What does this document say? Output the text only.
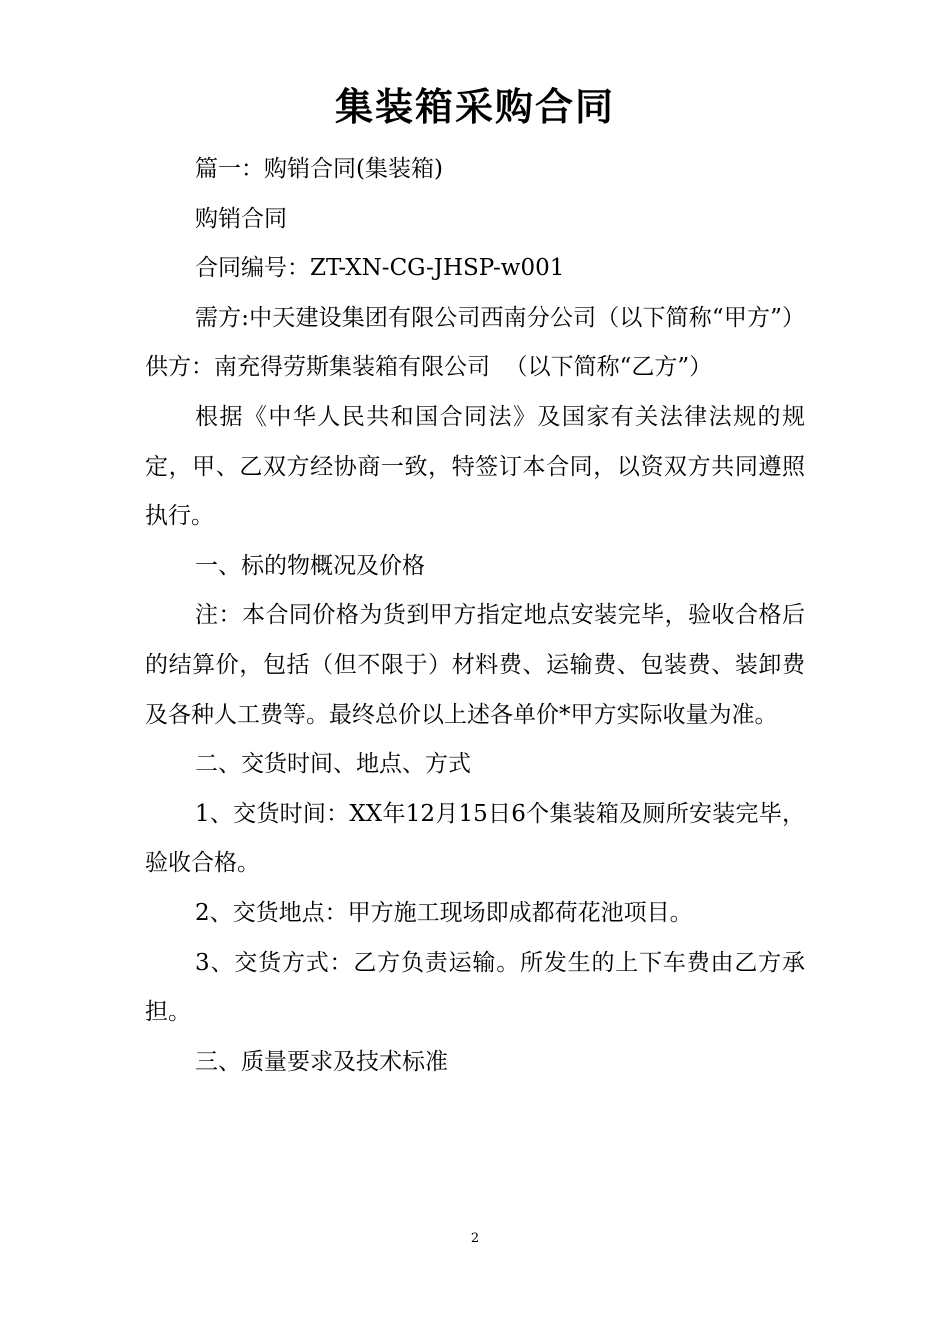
集装箱采购合同

篇一：购销合同(集装箱)

购销合同

合同编号：ZT-XN-CG-JHSP-w001

需方:中天建设集团有限公司西南分公司（以下简称“甲方”） 供方：南充得劳斯集装箱有限公司  （以下简称“乙方”）

根据《中华人民共和国合同法》及国家有关法律法规的规定，甲、乙双方经协商一致，特签订本合同，以资双方共同遵照执行。

一、标的物概况及价格

注：本合同价格为货到甲方指定地点安装完毕，验收合格后的结算价，包括（但不限于）材料费、运输费、包装费、装卸费及各种人工费等。最终总价以上述各单价*甲方实际收量为准。

二、交货时间、地点、方式

1、交货时间：XX年12月15日6个集装箱及厕所安装完毕，验收合格。

2、交货地点：甲方施工现场即成都荷花池项目。

3、交货方式：乙方负责运输。所发生的上下车费由乙方承担。

三、质量要求及技术标准

2
